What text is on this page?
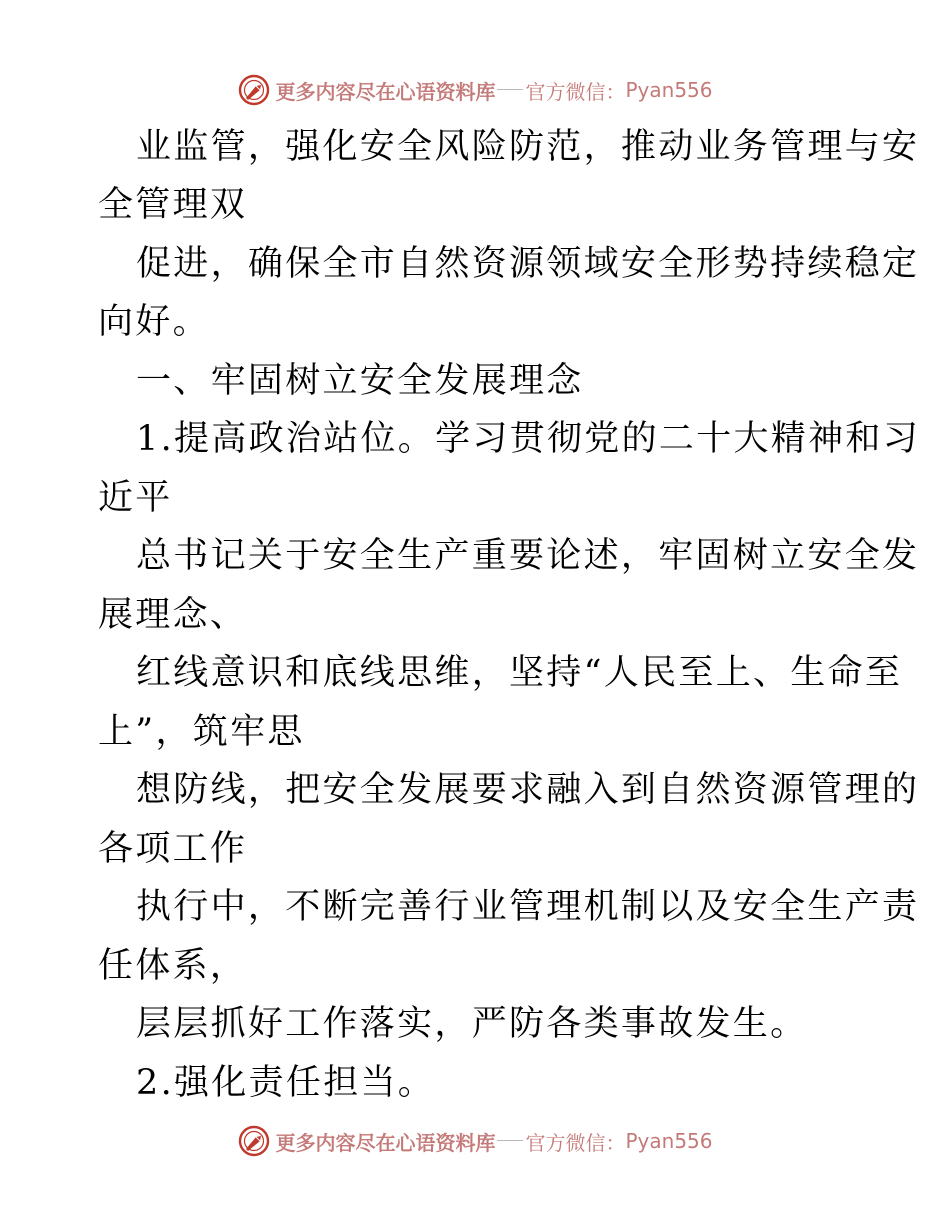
更多内容尽在心语资料库 官方微信： Pyan556
业监管，强化安全风险防范，推动业务管理与安
全管理双
促进，确保全市自然资源领域安全形势持续稳定
向好。
一、牢固树立安全发展理念
1.提高政治站位。学习贯彻党的二十大精神和习
近平
总书记关于安全生产重要论述，牢固树立安全发
展理念、
红线意识和底线思维，坚持“人民至上、生命至
上”，筑牢思
想防线，把安全发展要求融入到自然资源管理的
各项工作
执行中，不断完善行业管理机制以及安全生产责
任体系，
层层抓好工作落实，严防各类事故发生。
2.强化责任担当。
更多内容尽在心语资料库 官方微信： Pyan556
